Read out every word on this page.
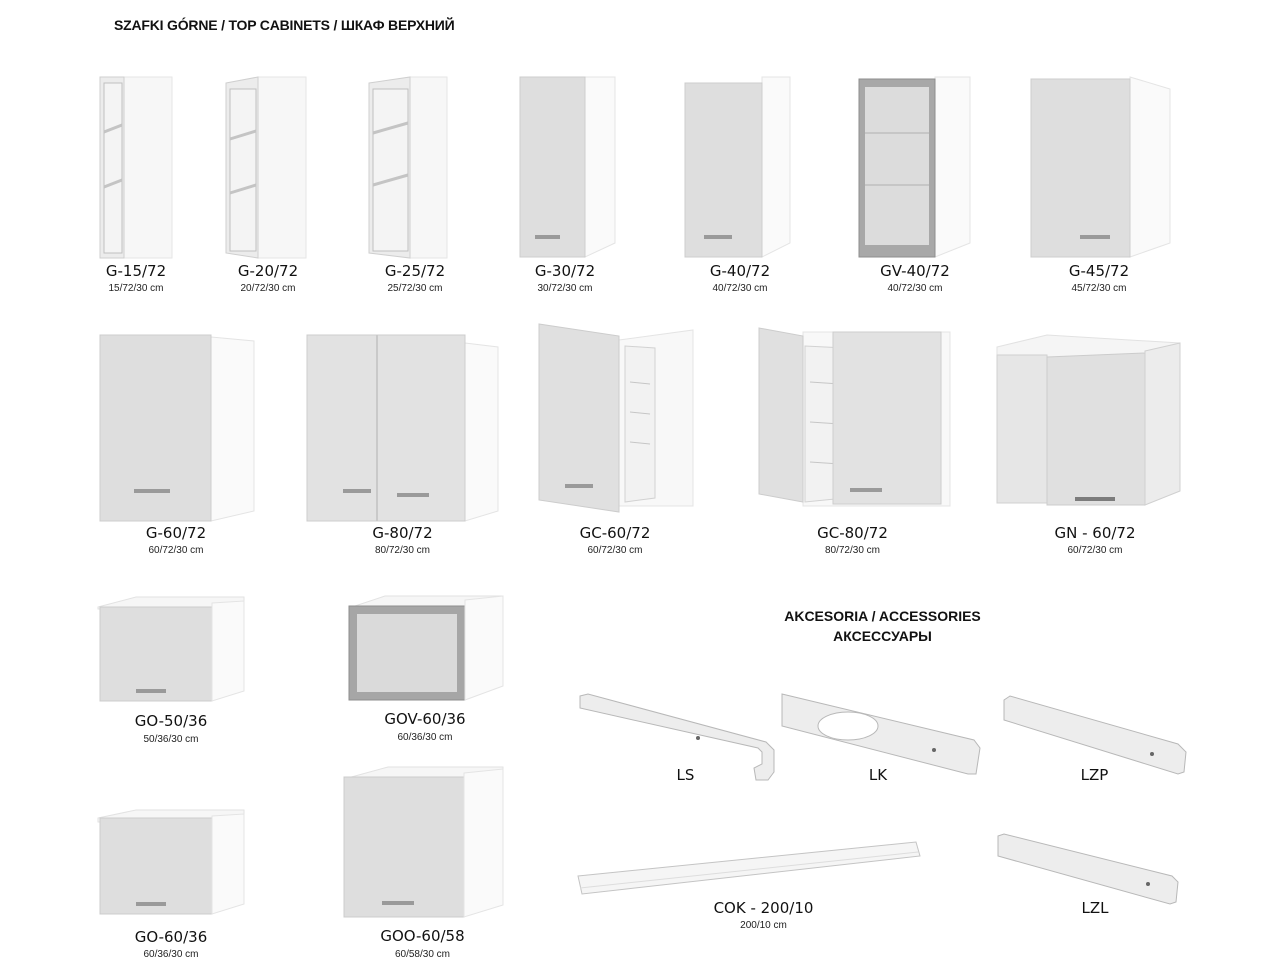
SZAFKI GÓRNE / TOP CABINETS / ШКАФ ВЕРХНИЙ
G-15/72
15/72/30 cm
G-20/72
20/72/30 cm
G-25/72
25/72/30 cm
G-30/72
30/72/30 cm
G-40/72
40/72/30 cm
GV-40/72
40/72/30 cm
G-45/72
45/72/30 cm
G-60/72
60/72/30 cm
G-80/72
80/72/30 cm
GC-60/72
60/72/30 cm
GC-80/72
80/72/30 cm
GN - 60/72
60/72/30 cm
GO-50/36
50/36/30 cm
GOV-60/36
60/36/30 cm
GO-60/36
60/36/30 cm
GOO-60/58
60/58/30 cm
AKCESORIA / ACCESSORIES
АКСЕССУАРЫ
LS	LK	LZP
COK - 200/10
200/10 cm
LZL
